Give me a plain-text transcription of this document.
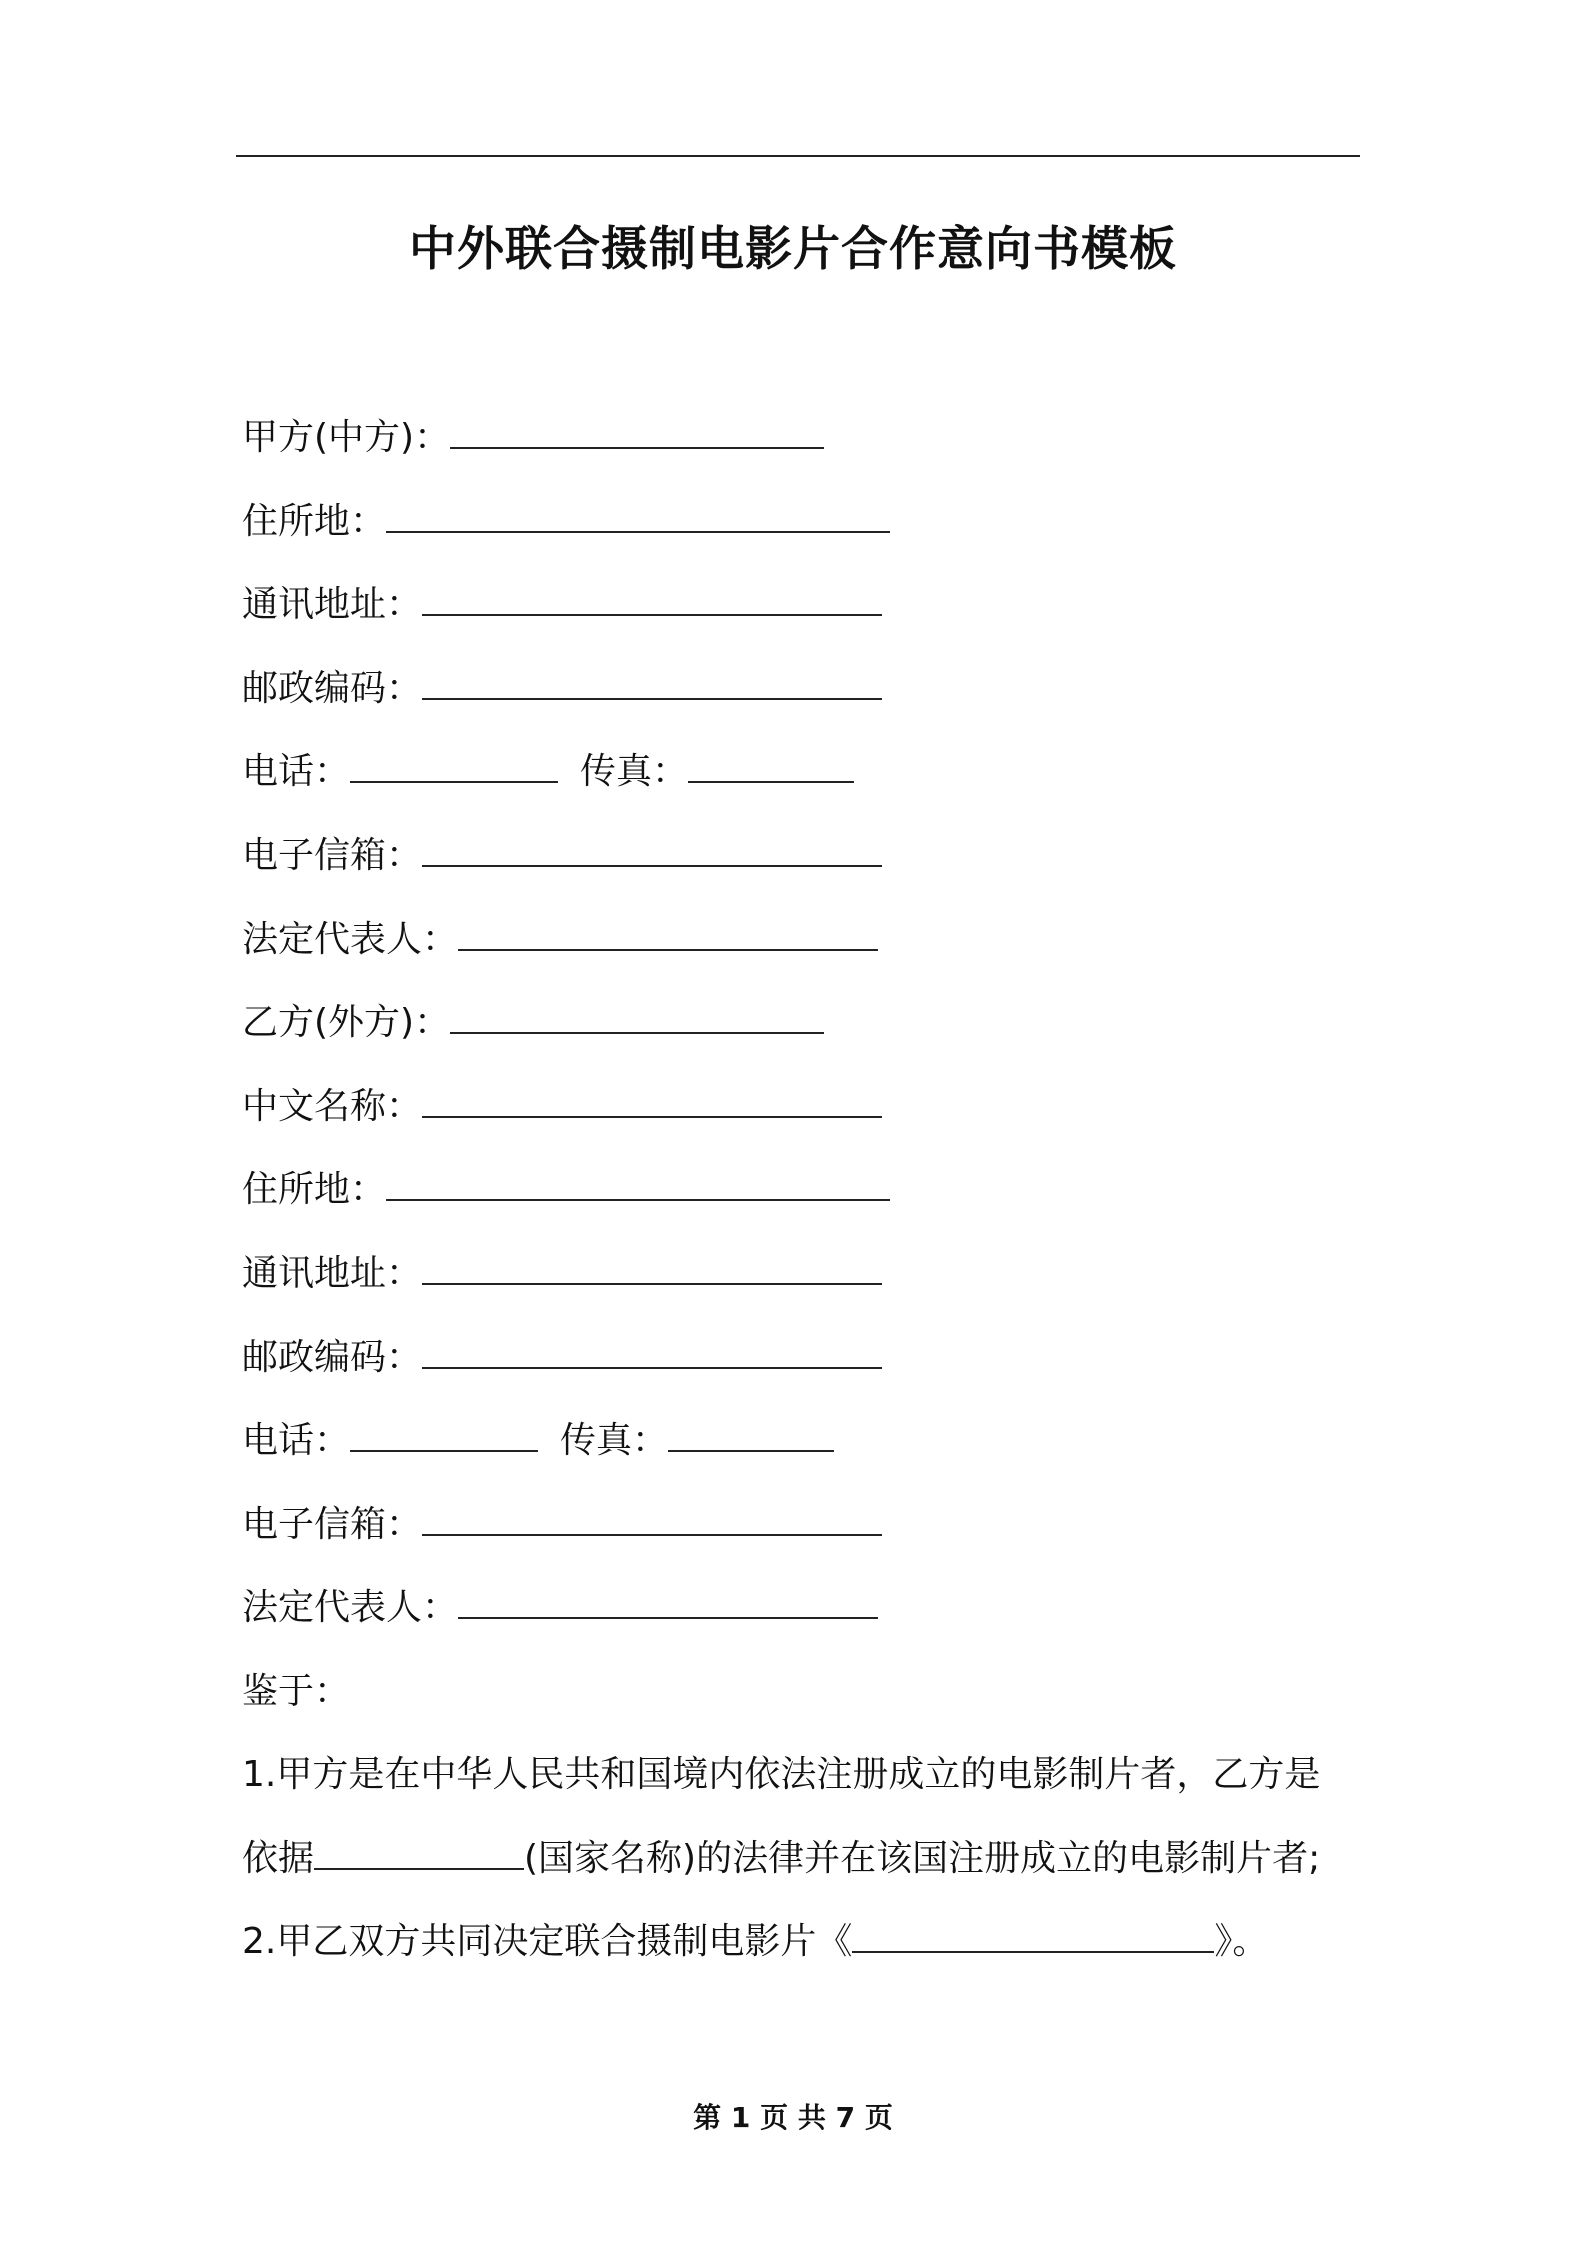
中外联合摄制电影片合作意向书模板
甲方(中方)：
住所地：
通讯地址：
邮政编码：
电话：	传真：
电子信箱：
法定代表人：
乙方(外方)：
中文名称：
住所地：
通讯地址：
邮政编码：
电话：	传真：
电子信箱：
法定代表人：
鉴于：
1.甲方是在中华人民共和国境内依法注册成立的电影制片者，乙方是
依据	(国家名称)的法律并在该国注册成立的电影制片者;
2.甲乙双方共同决定联合摄制电影片《	》。
第 1 页 共 7 页
